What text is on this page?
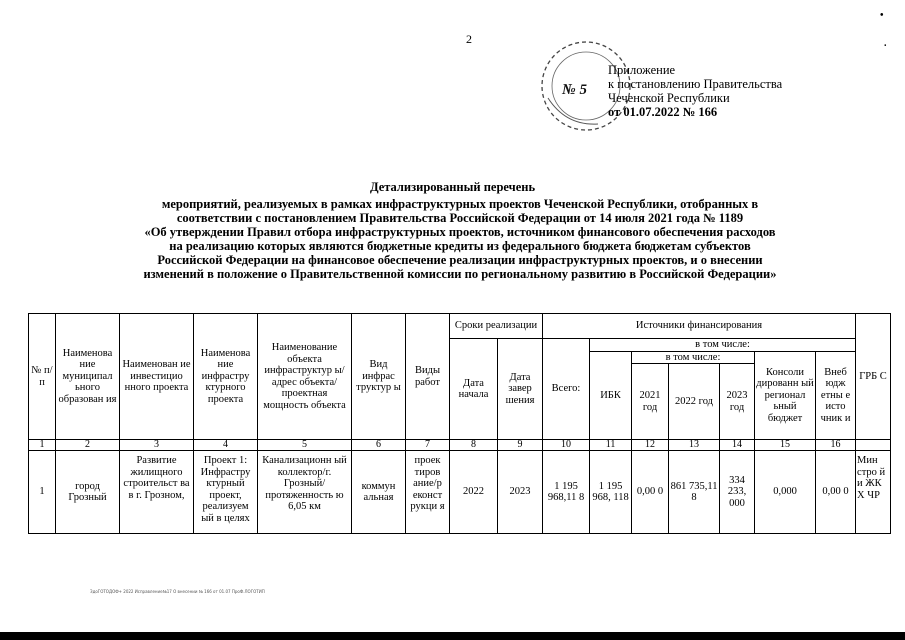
2
•
.
№ 5
Приложение
к постановлению Правительства
Чеченской Республики
от 01.07.2022 № 166
Детализированный перечень
мероприятий, реализуемых в рамках инфраструктурных проектов Чеченской Республики, отобранных в
соответствии с постановлением Правительства Российской Федерации от 14 июля 2021 года № 1189
«Об утверждении Правил отбора инфраструктурных проектов, источником финансового обеспечения расходов
на реализацию которых являются бюджетные кредиты из федерального бюджета бюджетам субъектов
Российской Федерации на финансовое обеспечение реализации инфраструктурных проектов, и о внесении
изменений в положение о Правительственной комиссии по региональному развитию в Российской Федерации»
№ п/п	Наименова ние муниципал ьного образован ия	Наименован ие инвестицио нного проекта	Наименова ние инфрастру ктурного проекта	Наименование объекта инфраструктур ы/ адрес объекта/ проектная мощность объекта	Вид инфрас труктур ы	Виды работ	Сроки реализации		Источники финансирования							ГРБ С
							Дата начала	Дата завер шения	Всего:	в том числе:						
										ИБК	в том числе:			Консоли дированн ый регионал ьный бюджет	Внеб юдж етны е исто чник и	
											2021 год	2022 год	2023 год			
1	2	3	4	5	6	7	8	9	10	11	12	13	14	15	16	
1	город Грозный	Развитие жилищного строительст ва в г. Грозном,	Проект 1: Инфрастру ктурный проект, реализуем ый в целях	Канализационн ый коллектор/г. Грозный/ протяженность ю 6,05 км	коммун альная	проек тиров ание/р еконст рукци я	2022	2023	1 195 968,11 8	1 195 968, 118	0,00 0	861 735,11 8	334 233, 000	0,000	0,00 0	Мин стро й и ЖК Х ЧР
ЗдоГОТОДОФ+ 2022 Исправление№17 О внесении № 166 от 01.07 ПроФ.ЛОГОТИП
